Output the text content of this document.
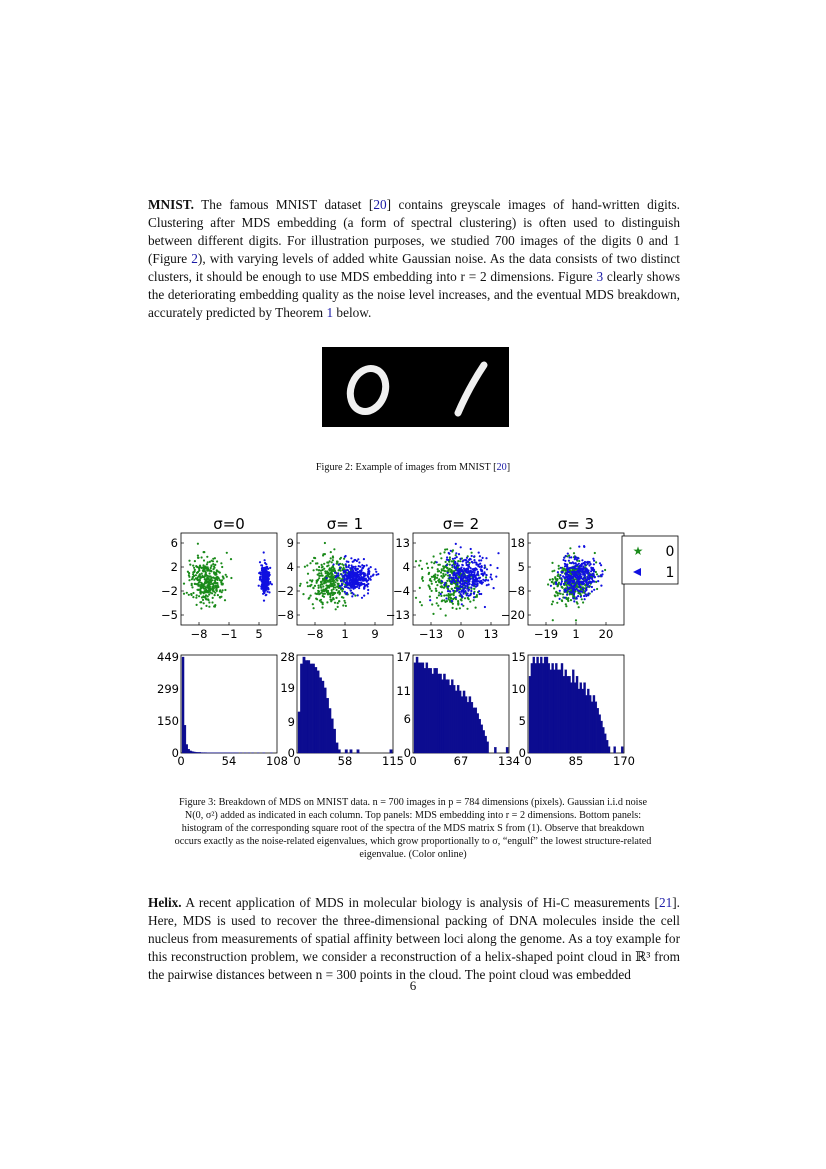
MNIST. The famous MNIST dataset [20] contains greyscale images of hand-written digits. Clustering after MDS embedding (a form of spectral clustering) is often used to distinguish between different digits. For illustration purposes, we studied 700 images of the digits 0 and 1 (Figure 2), with varying levels of added white Gaussian noise. As the data consists of two distinct clusters, it should be enough to use MDS embedding into r = 2 dimensions. Figure 3 clearly shows the deteriorating embedding quality as the noise level increases, and the eventual MDS breakdown, accurately predicted by Theorem 1 below.

Figure 2: Example of images from MNIST [20]

σ=0
6
2
−2
−5
−8 −1 5
σ= 1
9
4
−2
−8
−8 1 9
σ= 2
13
4
−4
−13
−13 0 13
σ= 3
18
5
−8
−20
−19 1 20
★ 0
1
449
299
150
0
0	54	108
28
19
9
0
0	58	115
17
11
6
0
0	67	134
15
10
5
0
0	85	170

Figure 3: Breakdown of MDS on MNIST data. n = 700 images in p = 784 dimensions (pixels). Gaussian i.i.d noise

N(0, σ²) added as indicated in each column. Top panels: MDS embedding into r = 2 dimensions. Bottom panels:

histogram of the corresponding square root of the spectra of the MDS matrix S from (1). Observe that breakdown

occurs exactly as the noise-related eigenvalues, which grow proportionally to σ, “engulf” the lowest structure-related

eigenvalue. (Color online)

Helix. A recent application of MDS in molecular biology is analysis of Hi-C measurements [21]. Here, MDS is used to recover the three-dimensional packing of DNA molecules inside the cell nucleus from measurements of spatial affinity between loci along the genome. As a toy example for this reconstruction problem, we consider a reconstruction of a helix-shaped point cloud in ℝ³ from the pairwise distances between n = 300 points in the cloud. The point cloud was embedded

6
